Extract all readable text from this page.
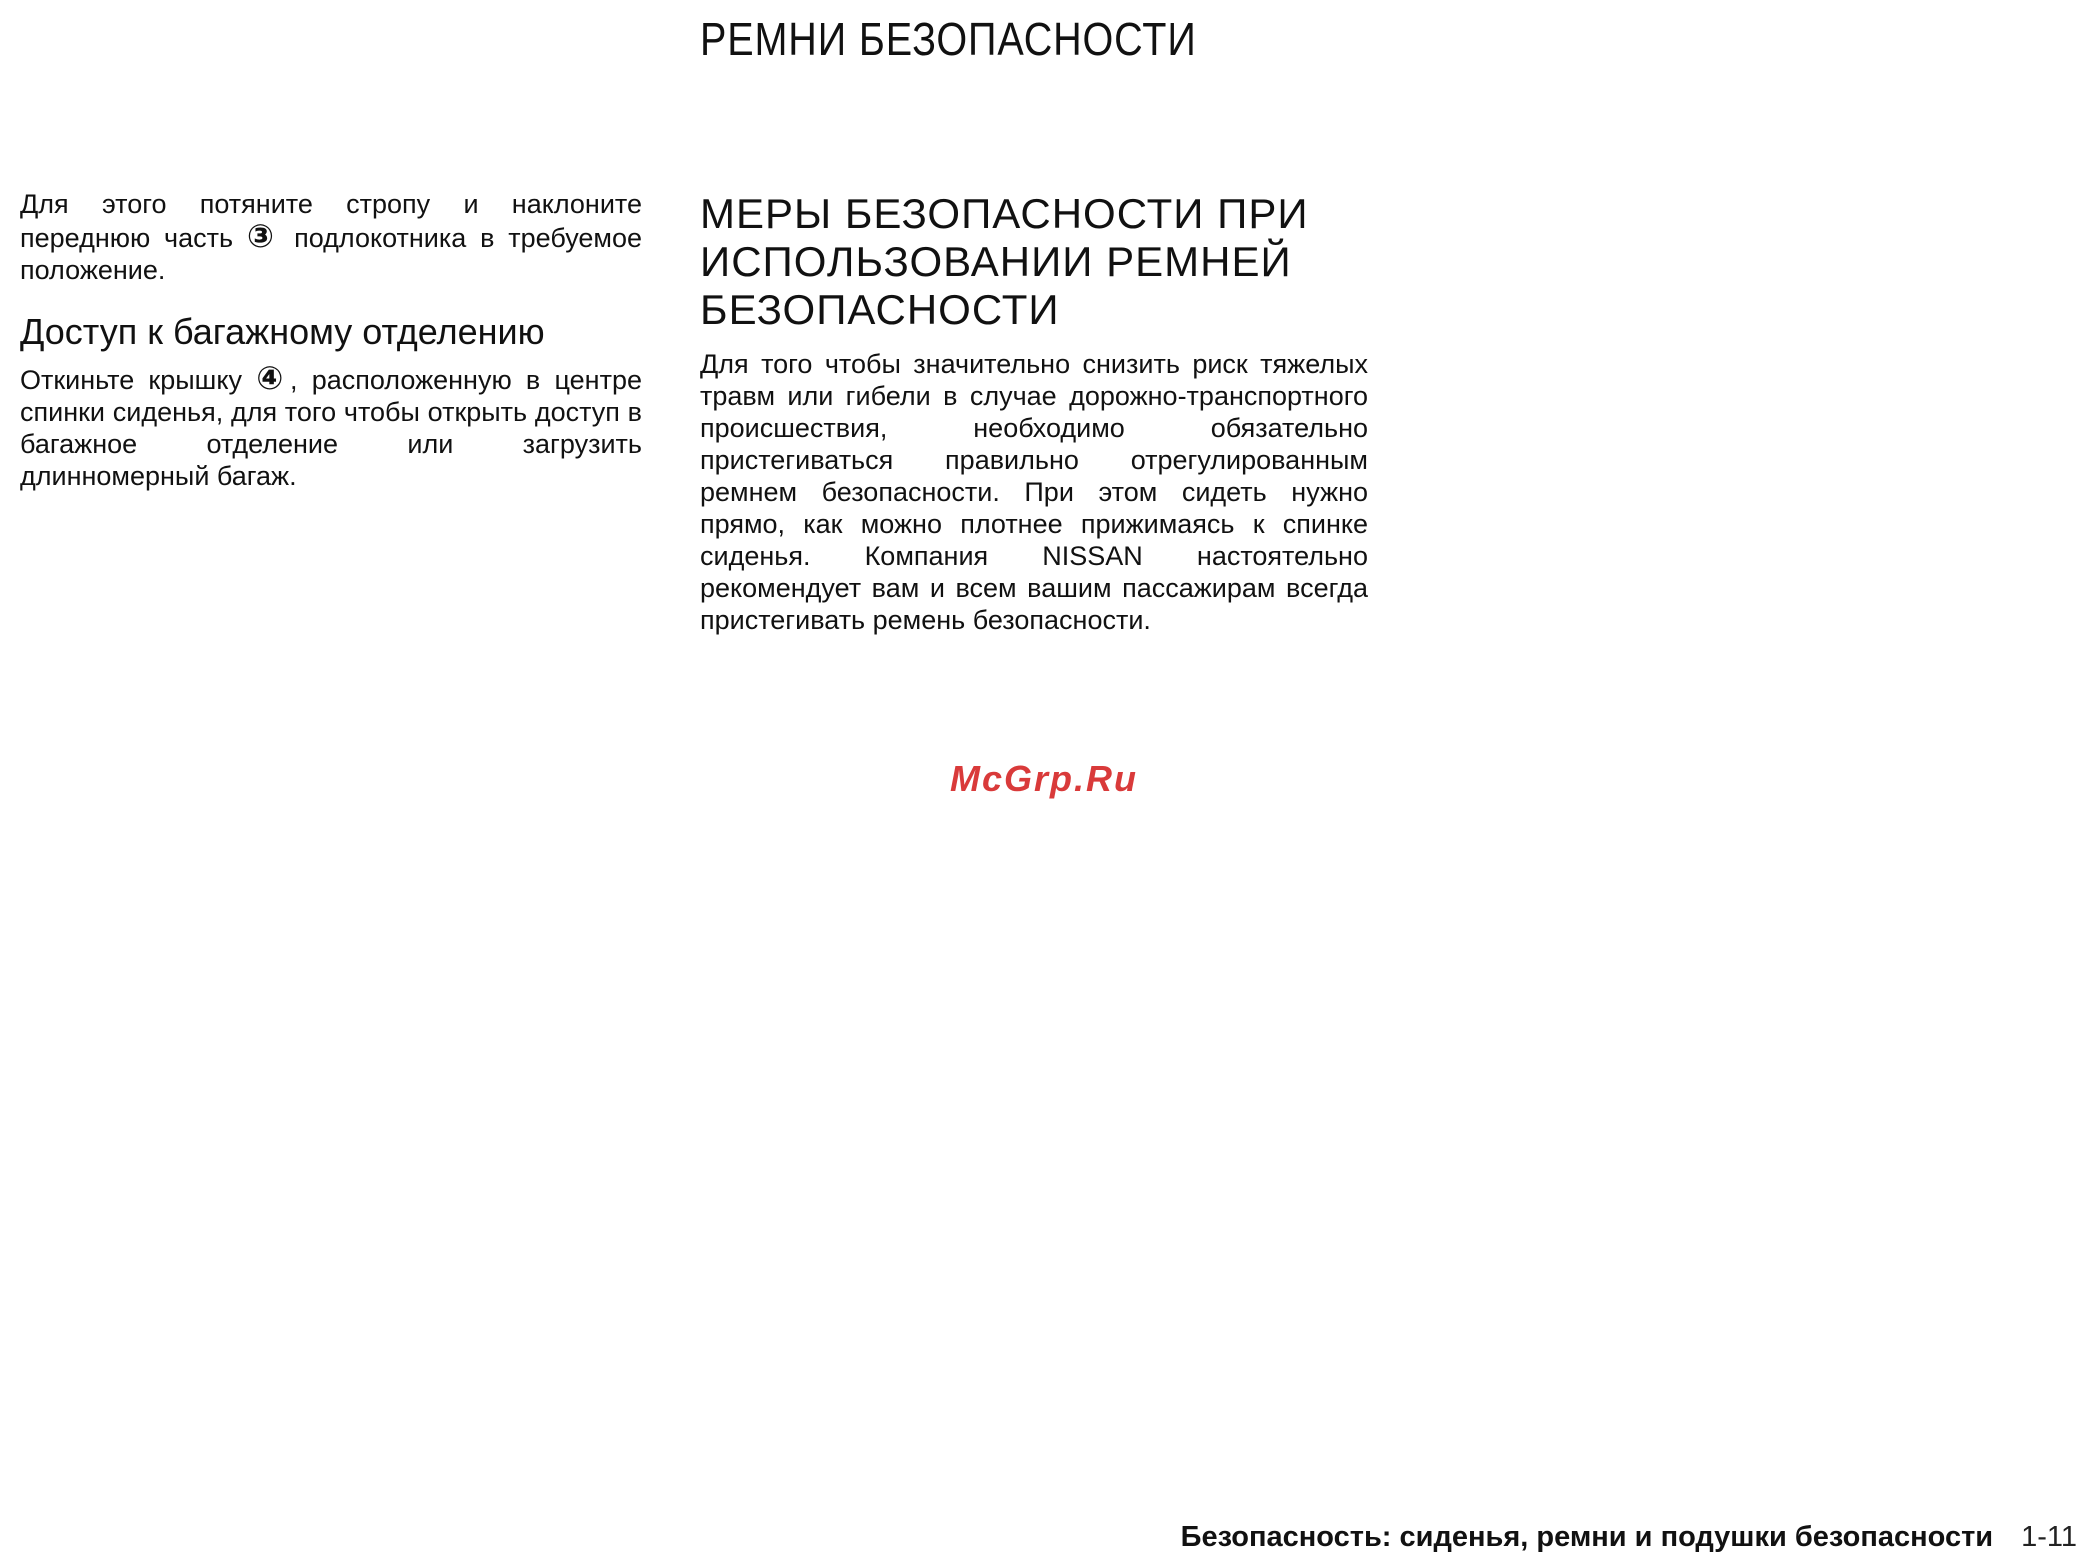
РЕМНИ БЕЗОПАСНОСТИ

Для этого потяните стропу и наклоните переднюю часть ③ подлокотника в требуемое положение.

Доступ к багажному отделению

Откиньте крышку ④, расположенную в центре спинки сиденья, для того чтобы открыть доступ в багажное отделение или загрузить длинномерный багаж.

МЕРЫ БЕЗОПАСНОСТИ ПРИ ИСПОЛЬЗОВАНИИ РЕМНЕЙ БЕЗОПАСНОСТИ

Для того чтобы значительно снизить риск тяжелых травм или гибели в случае дорожно-транспортного происшествия, необходимо обязательно пристегиваться правильно отрегулированным ремнем безопасности. При этом сидеть нужно прямо, как можно плотнее прижимаясь к спинке сиденья. Компания NISSAN настоятельно рекомендует вам и всем вашим пассажирам всегда пристегивать ремень безопасности.

McGrp.Ru
Безопасность: сиденья, ремни и подушки безопасности 1-11
